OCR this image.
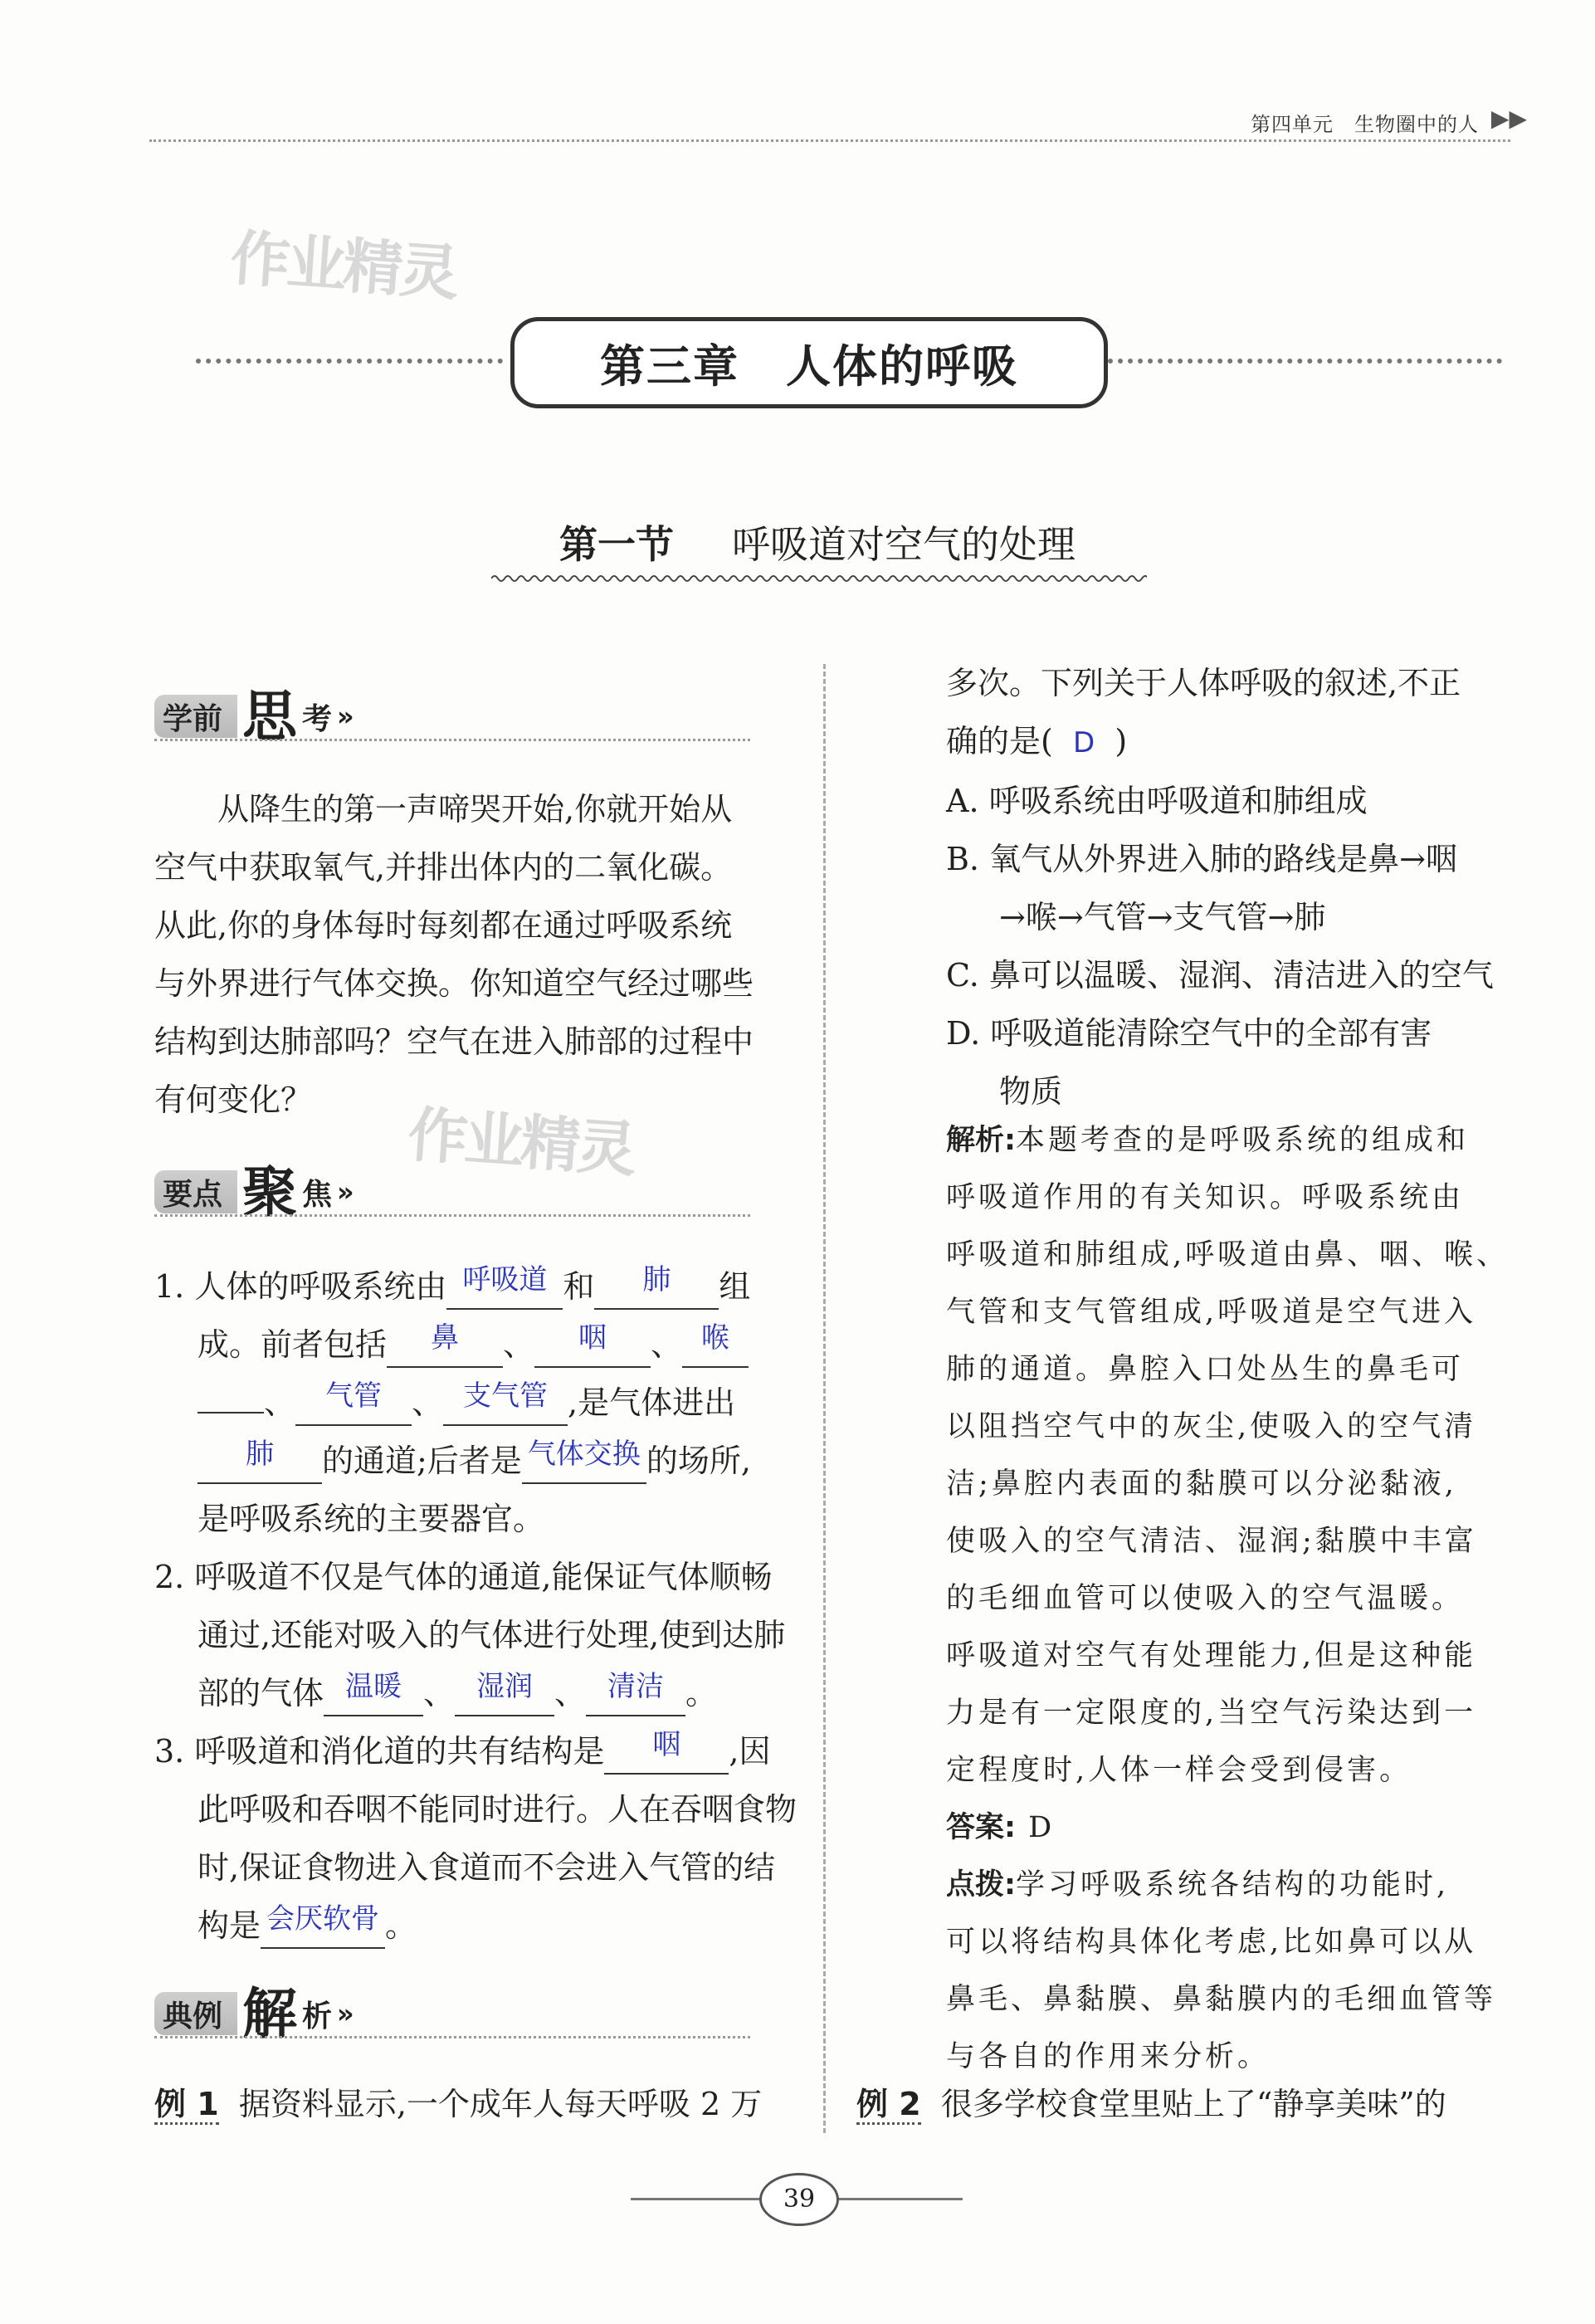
第四单元　生物圈中的人 ▶▶
作业精灵
作业精灵
第三章　人体的呼吸
第一节 呼吸道对空气的处理
学前 思 考 »
从降生的第一声啼哭开始,你就开始从
空气中获取氧气,并排出体内的二氧化碳。
从此,你的身体每时每刻都在通过呼吸系统
与外界进行气体交换。你知道空气经过哪些
结构到达肺部吗？空气在进入肺部的过程中
有何变化？
要点 聚 焦 »
1. 人体的呼吸系统由 呼吸道 和 肺 组
成。前者包括 鼻 、 咽 、 喉
、 气管 、 支气管 ,是气体进出
肺 的通道;后者是 气体交换 的场所,
是呼吸系统的主要器官。
2. 呼吸道不仅是气体的通道,能保证气体顺畅
通过,还能对吸入的气体进行处理,使到达肺
部的气体 温暖 、 湿润 、 清洁 。
3. 呼吸道和消化道的共有结构是 咽 ,因
此呼吸和吞咽不能同时进行。人在吞咽食物
时,保证食物进入食道而不会进入气管的结
构是 会厌软骨 。
典例 解 析 »
例 1 据资料显示,一个成年人每天呼吸 2 万
多次。下列关于人体呼吸的叙述,不正
确的是( D )
A. 呼吸系统由呼吸道和肺组成
B. 氧气从外界进入肺的路线是鼻→咽
→喉→气管→支气管→肺
C. 鼻可以温暖、湿润、清洁进入的空气
D. 呼吸道能清除空气中的全部有害
物质
解析:本题考查的是呼吸系统的组成和
呼吸道作用的有关知识。呼吸系统由
呼吸道和肺组成,呼吸道由鼻、咽、喉、
气管和支气管组成,呼吸道是空气进入
肺的通道。鼻腔入口处丛生的鼻毛可
以阻挡空气中的灰尘,使吸入的空气清
洁;鼻腔内表面的黏膜可以分泌黏液,
使吸入的空气清洁、湿润;黏膜中丰富
的毛细血管可以使吸入的空气温暖。
呼吸道对空气有处理能力,但是这种能
力是有一定限度的,当空气污染达到一
定程度时,人体一样会受到侵害。
答案: D
点拨:学习呼吸系统各结构的功能时,
可以将结构具体化考虑,比如鼻可以从
鼻毛、鼻黏膜、鼻黏膜内的毛细血管等
与各自的作用来分析。
例 2 很多学校食堂里贴上了“静享美味”的
39
